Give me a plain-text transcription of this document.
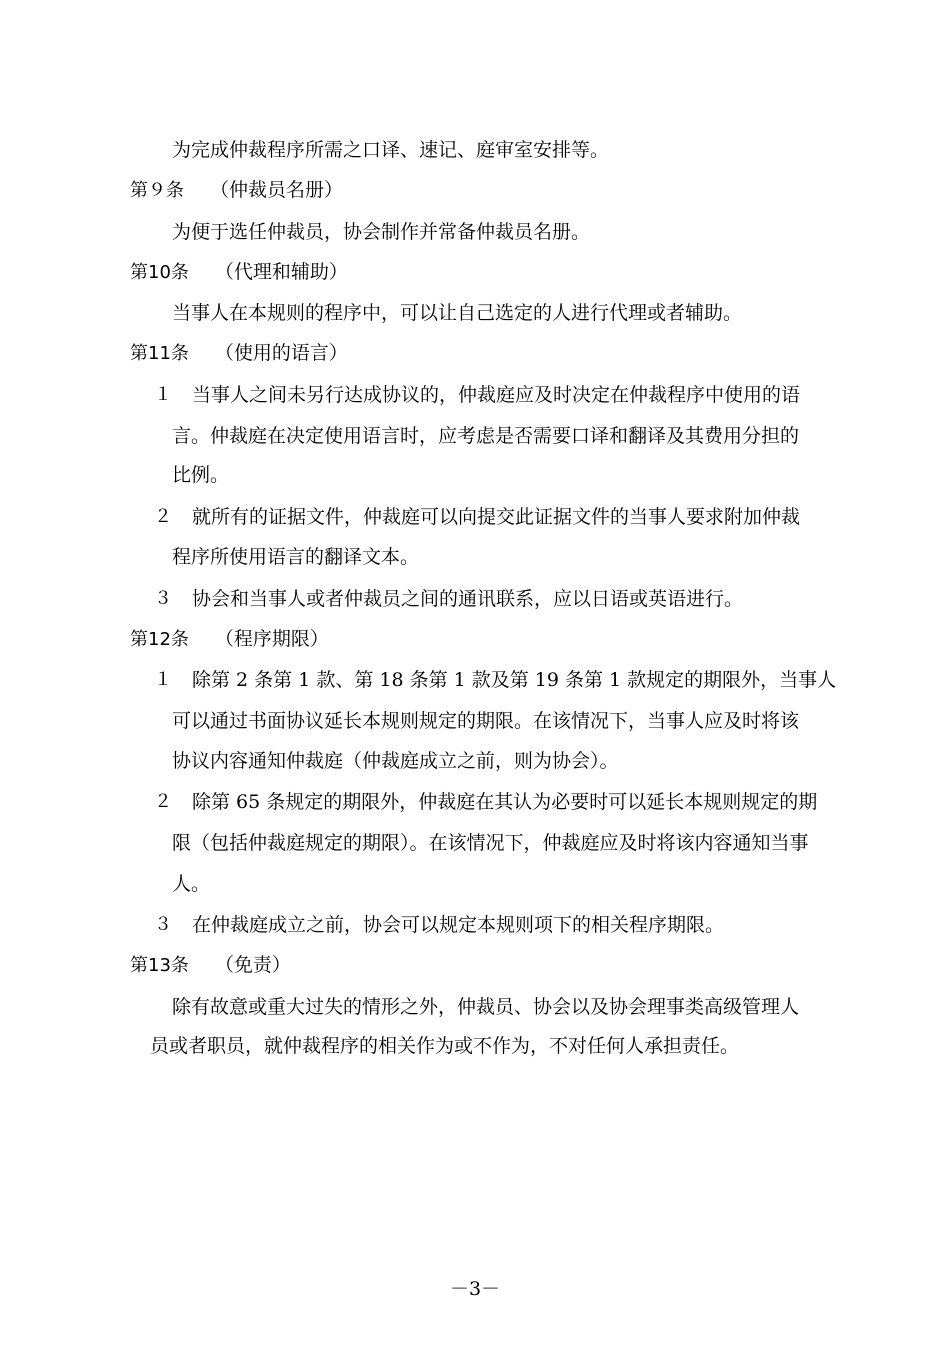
为完成仲裁程序所需之口译、速记、庭审室安排等。
第９条 （仲裁员名册）
为便于选任仲裁员，协会制作并常备仲裁员名册。
第10条 （代理和辅助）
当事人在本规则的程序中，可以让自己选定的人进行代理或者辅助。
第11条 （使用的语言）
１ 当事人之间未另行达成协议的，仲裁庭应及时决定在仲裁程序中使用的语
言。仲裁庭在决定使用语言时，应考虑是否需要口译和翻译及其费用分担的
比例。
２ 就所有的证据文件，仲裁庭可以向提交此证据文件的当事人要求附加仲裁
程序所使用语言的翻译文本。
３ 协会和当事人或者仲裁员之间的通讯联系，应以日语或英语进行。
第12条 （程序期限）
１ 除第 2 条第 1 款、第 18 条第 1 款及第 19 条第 1 款规定的期限外，当事人
可以通过书面协议延长本规则规定的期限。在该情况下，当事人应及时将该
协议内容通知仲裁庭（仲裁庭成立之前，则为协会）。
２ 除第 65 条规定的期限外，仲裁庭在其认为必要时可以延长本规则规定的期
限（包括仲裁庭规定的期限）。在该情况下，仲裁庭应及时将该内容通知当事
人。
３ 在仲裁庭成立之前，协会可以规定本规则项下的相关程序期限。
第13条 （免责）
除有故意或重大过失的情形之外，仲裁员、协会以及协会理事类高级管理人
员或者职员，就仲裁程序的相关作为或不作为，不对任何人承担责任。
－3－
